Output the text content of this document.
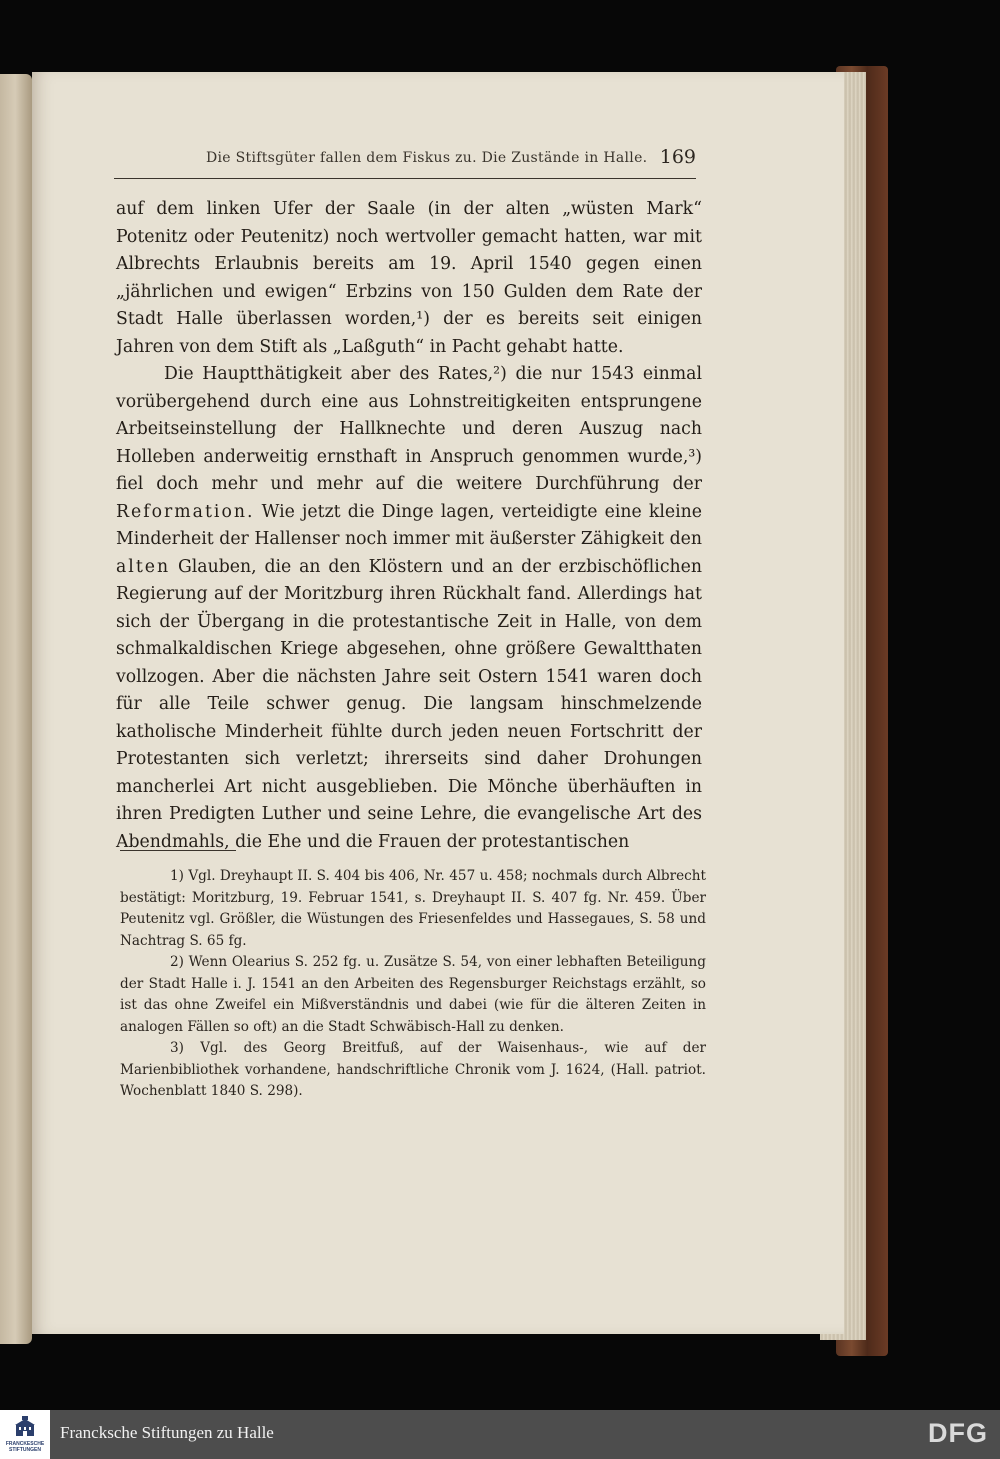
Die Stiftsgüter fallen dem Fiskus zu. Die Zustände in Halle. 169

auf dem linken Ufer der Saale (in der alten „wüsten Mark“ Potenitz oder Peutenitz) noch wertvoller gemacht hatten, war mit Albrechts Erlaubnis bereits am 19. April 1540 gegen einen „jährlichen und ewigen“ Erbzins von 150 Gulden dem Rate der Stadt Halle überlassen worden,¹) der es bereits seit einigen Jahren von dem Stift als „Laßguth“ in Pacht gehabt hatte.

Die Hauptthätigkeit aber des Rates,²) die nur 1543 einmal vorübergehend durch eine aus Lohnstreitigkeiten entsprungene Arbeitseinstellung der Hallknechte und deren Auszug nach Holleben anderweitig ernsthaft in Anspruch genommen wurde,³) fiel doch mehr und mehr auf die weitere Durchführung der Reformation. Wie jetzt die Dinge lagen, verteidigte eine kleine Minderheit der Hallenser noch immer mit äußerster Zähigkeit den alten Glauben, die an den Klöstern und an der erzbischöflichen Regierung auf der Moritzburg ihren Rückhalt fand. Allerdings hat sich der Übergang in die protestantische Zeit in Halle, von dem schmalkaldischen Kriege abgesehen, ohne größere Gewaltthaten vollzogen. Aber die nächsten Jahre seit Ostern 1541 waren doch für alle Teile schwer genug. Die langsam hinschmelzende katholische Minderheit fühlte durch jeden neuen Fortschritt der Protestanten sich verletzt; ihrerseits sind daher Drohungen mancherlei Art nicht ausgeblieben. Die Mönche überhäuften in ihren Predigten Luther und seine Lehre, die evangelische Art des Abendmahls, die Ehe und die Frauen der protestantischen

1) Vgl. Dreyhaupt II. S. 404 bis 406, Nr. 457 u. 458; nochmals durch Albrecht bestätigt: Moritzburg, 19. Februar 1541, s. Dreyhaupt II. S. 407 fg. Nr. 459. Über Peutenitz vgl. Größler, die Wüstungen des Friesenfeldes und Hassegaues, S. 58 und Nachtrag S. 65 fg.

2) Wenn Olearius S. 252 fg. u. Zusätze S. 54, von einer lebhaften Beteiligung der Stadt Halle i. J. 1541 an den Arbeiten des Regensburger Reichstags erzählt, so ist das ohne Zweifel ein Mißverständnis und dabei (wie für die älteren Zeiten in analogen Fällen so oft) an die Stadt Schwäbisch-Hall zu denken.

3) Vgl. des Georg Breitfuß, auf der Waisenhaus-, wie auf der Marienbibliothek vorhandene, handschriftliche Chronik vom J. 1624, (Hall. patriot. Wochenblatt 1840 S. 298).

FRANCKESCHE STIFTUNGEN
Francksche Stiftungen zu Halle	DFG
